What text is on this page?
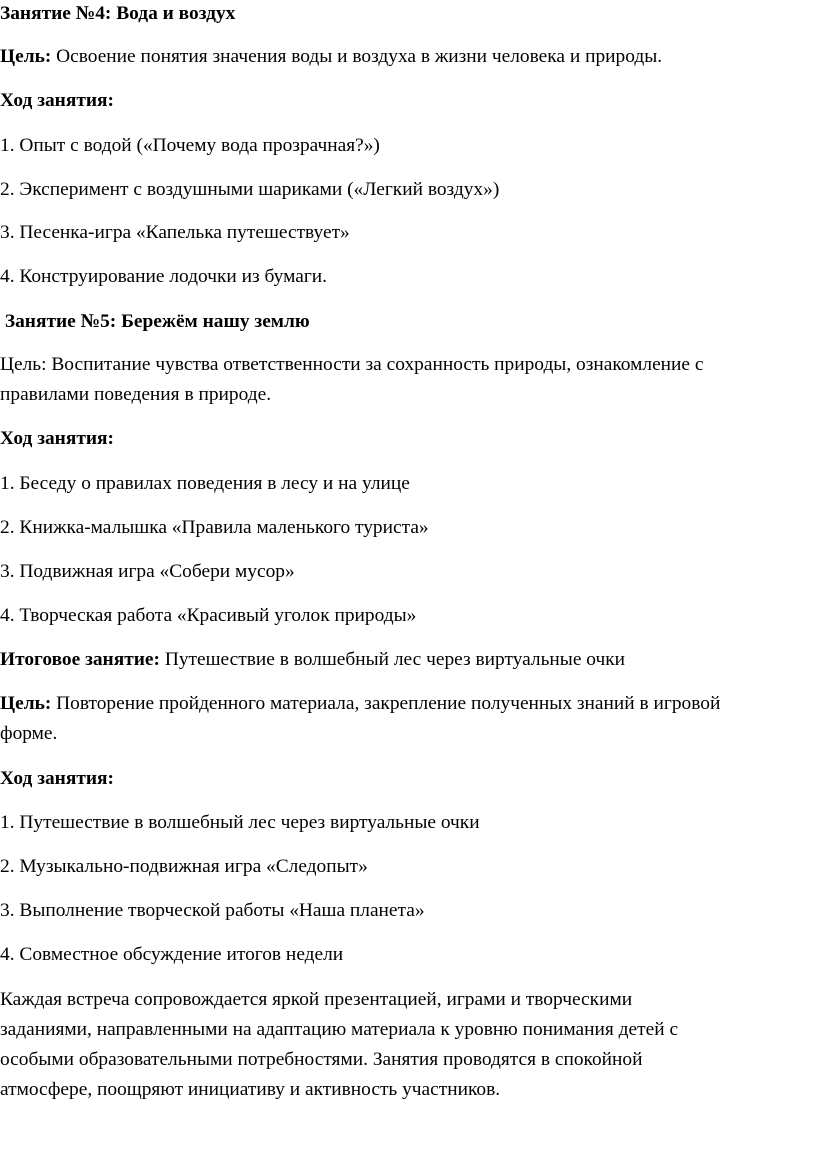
Занятие №4: Вода и воздух

Цель: Освоение понятия значения воды и воздуха в жизни человека и природы.

Ход занятия:

1. Опыт с водой («Почему вода прозрачная?»)

2. Эксперимент с воздушными шариками («Легкий воздух»)

3. Песенка-игра «Капелька путешествует»

4. Конструирование лодочки из бумаги.

Занятие №5: Бережём нашу землю

Цель: Воспитание чувства ответственности за сохранность природы, ознакомление с

правилами поведения в природе.

Ход занятия:

1. Беседу о правилах поведения в лесу и на улице

2. Книжка-малышка «Правила маленького туриста»

3. Подвижная игра «Собери мусор»

4. Творческая работа «Красивый уголок природы»

Итоговое занятие: Путешествие в волшебный лес через виртуальные очки

Цель: Повторение пройденного материала, закрепление полученных знаний в игровой

форме.

Ход занятия:

1. Путешествие в волшебный лес через виртуальные очки

2. Музыкально-подвижная игра «Следопыт»

3. Выполнение творческой работы «Наша планета»

4. Совместное обсуждение итогов недели

Каждая встреча сопровождается яркой презентацией, играми и творческими

заданиями, направленными на адаптацию материала к уровню понимания детей с

особыми образовательными потребностями. Занятия проводятся в спокойной

атмосфере, поощряют инициативу и активность участников.
